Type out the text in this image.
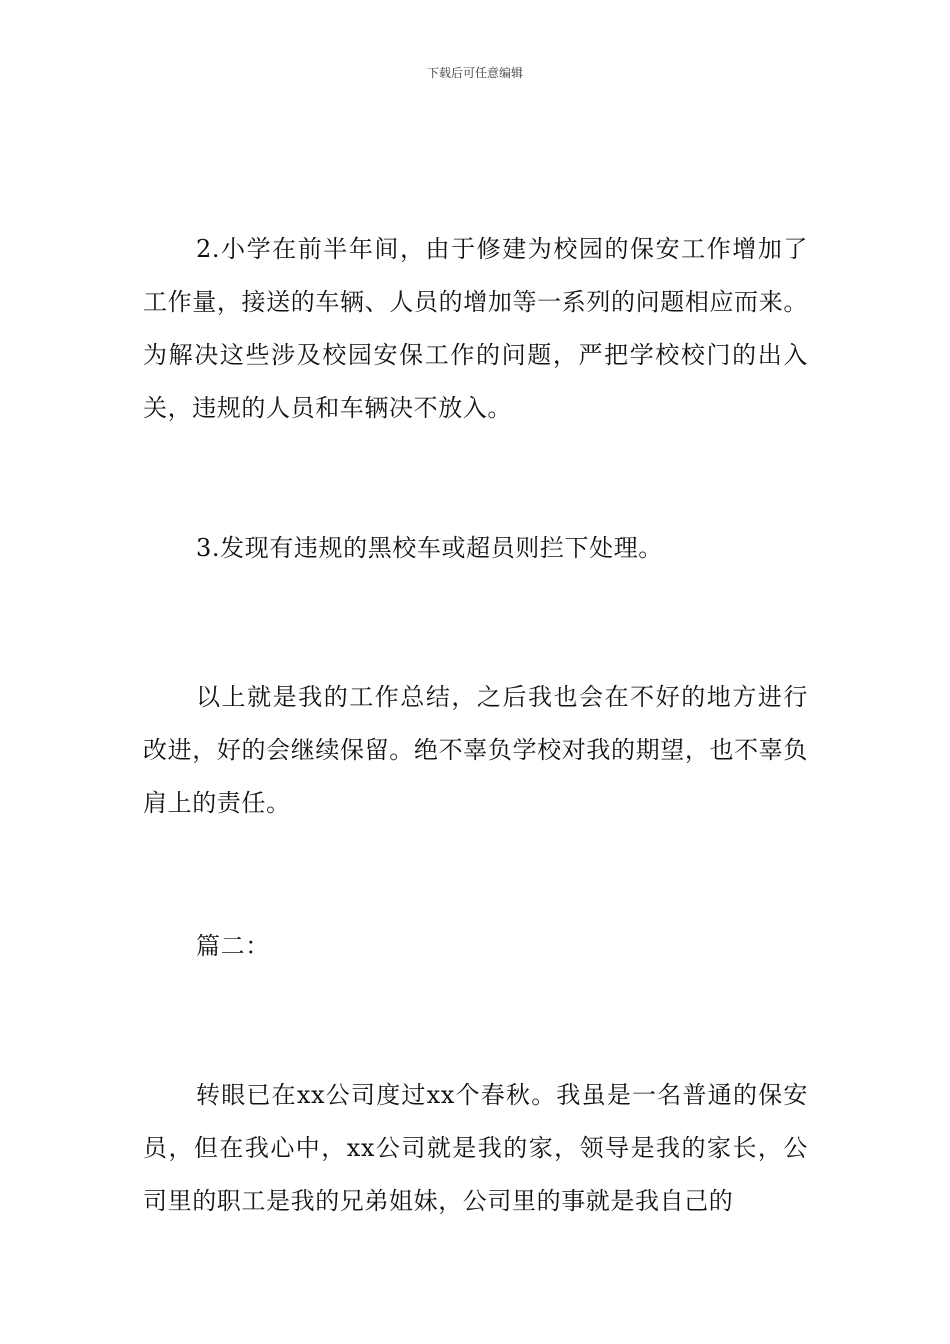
下载后可任意编辑

2.小学在前半年间，由于修建为校园的保安工作增加了工作量，接送的车辆、人员的增加等一系列的问题相应而来。为解决这些涉及校园安保工作的问题，严把学校校门的出入关，违规的人员和车辆决不放入。

3.发现有违规的黑校车或超员则拦下处理。

以上就是我的工作总结，之后我也会在不好的地方进行改进，好的会继续保留。绝不辜负学校对我的期望，也不辜负肩上的责任。

篇二：

转眼已在xx公司度过xx个春秋。我虽是一名普通的保安员，但在我心中，xx公司就是我的家，领导是我的家长，公司里的职工是我的兄弟姐妹，公司里的事就是我自己的
